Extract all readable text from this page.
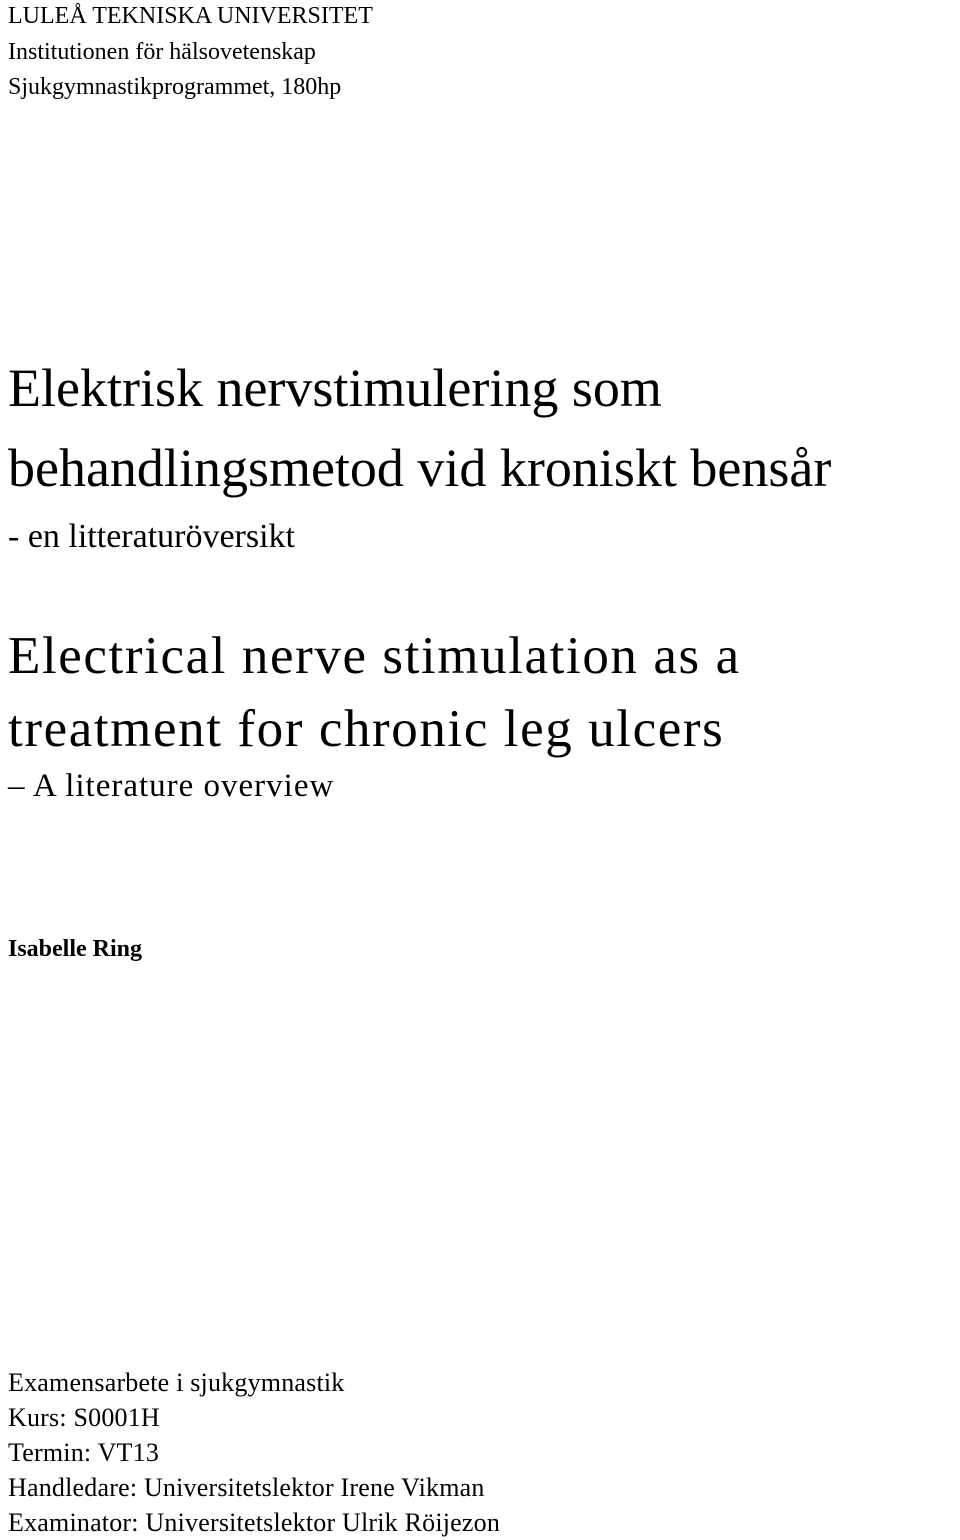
LULEÅ TEKNISKA UNIVERSITET
Institutionen för hälsovetenskap
Sjukgymnastikprogrammet, 180hp
Elektrisk nervstimulering som
behandlingsmetod vid kroniskt bensår
- en litteraturöversikt
Electrical nerve stimulation as a
treatment for chronic leg ulcers
– A literature overview
Isabelle Ring
Examensarbete i sjukgymnastik
Kurs: S0001H
Termin: VT13
Handledare: Universitetslektor Irene Vikman
Examinator: Universitetslektor Ulrik Röijezon
